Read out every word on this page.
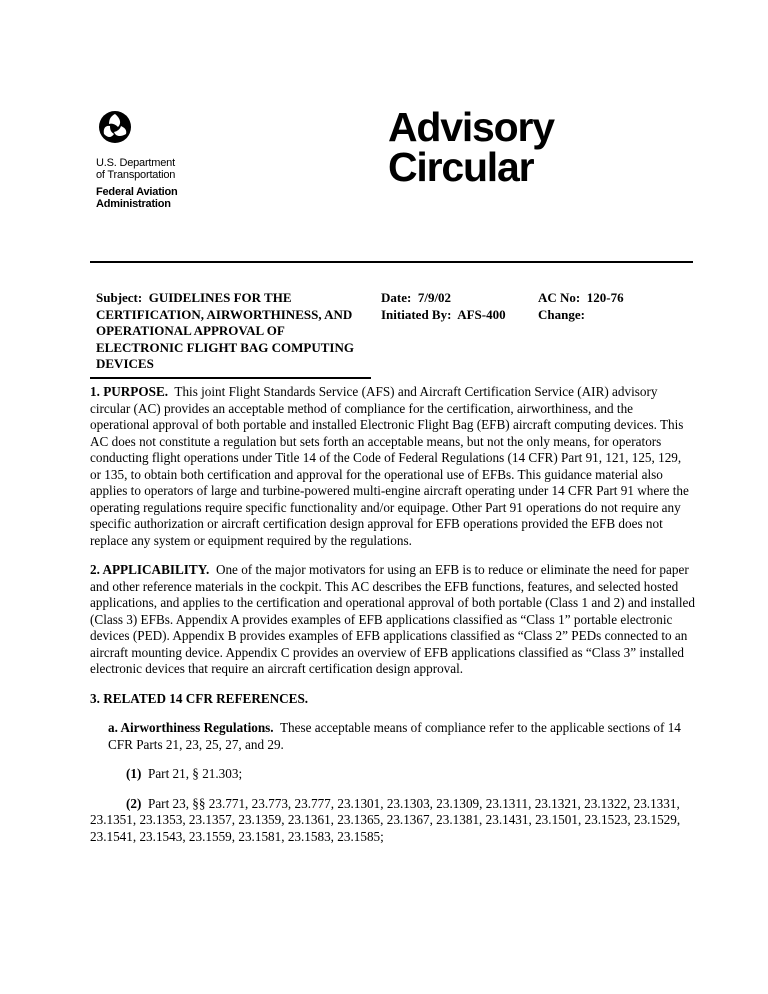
U.S. Department
of Transportation
Federal Aviation
Administration
Advisory
Circular
Subject: GUIDELINES FOR THE CERTIFICATION, AIRWORTHINESS, AND OPERATIONAL APPROVAL OF ELECTRONIC FLIGHT BAG COMPUTING DEVICES
Date: 7/9/02
Initiated By: AFS-400
AC No: 120-76
Change:

1. PURPOSE. This joint Flight Standards Service (AFS) and Aircraft Certification Service (AIR) advisory circular (AC) provides an acceptable method of compliance for the certification, airworthiness, and the operational approval of both portable and installed Electronic Flight Bag (EFB) aircraft computing devices. This AC does not constitute a regulation but sets forth an acceptable means, but not the only means, for operators conducting flight operations under Title 14 of the Code of Federal Regulations (14 CFR) Part 91, 121, 125, 129, or 135, to obtain both certification and approval for the operational use of EFBs. This guidance material also applies to operators of large and turbine-powered multi-engine aircraft operating under 14 CFR Part 91 where the operating regulations require specific functionality and/or equipage. Other Part 91 operations do not require any specific authorization or aircraft certification design approval for EFB operations provided the EFB does not replace any system or equipment required by the regulations.

2. APPLICABILITY. One of the major motivators for using an EFB is to reduce or eliminate the need for paper and other reference materials in the cockpit. This AC describes the EFB functions, features, and selected hosted applications, and applies to the certification and operational approval of both portable (Class 1 and 2) and installed (Class 3) EFBs. Appendix A provides examples of EFB applications classified as “Class 1” portable electronic devices (PED). Appendix B provides examples of EFB applications classified as “Class 2” PEDs connected to an aircraft mounting device. Appendix C provides an overview of EFB applications classified as “Class 3” installed electronic devices that require an aircraft certification design approval.

3. RELATED 14 CFR REFERENCES.

a. Airworthiness Regulations. These acceptable means of compliance refer to the applicable sections of 14 CFR Parts 21, 23, 25, 27, and 29.

(1) Part 21, § 21.303;

(2) Part 23, §§ 23.771, 23.773, 23.777, 23.1301, 23.1303, 23.1309, 23.1311, 23.1321, 23.1322, 23.1331, 23.1351, 23.1353, 23.1357, 23.1359, 23.1361, 23.1365, 23.1367, 23.1381, 23.1431, 23.1501, 23.1523, 23.1529, 23.1541, 23.1543, 23.1559, 23.1581, 23.1583, 23.1585;
